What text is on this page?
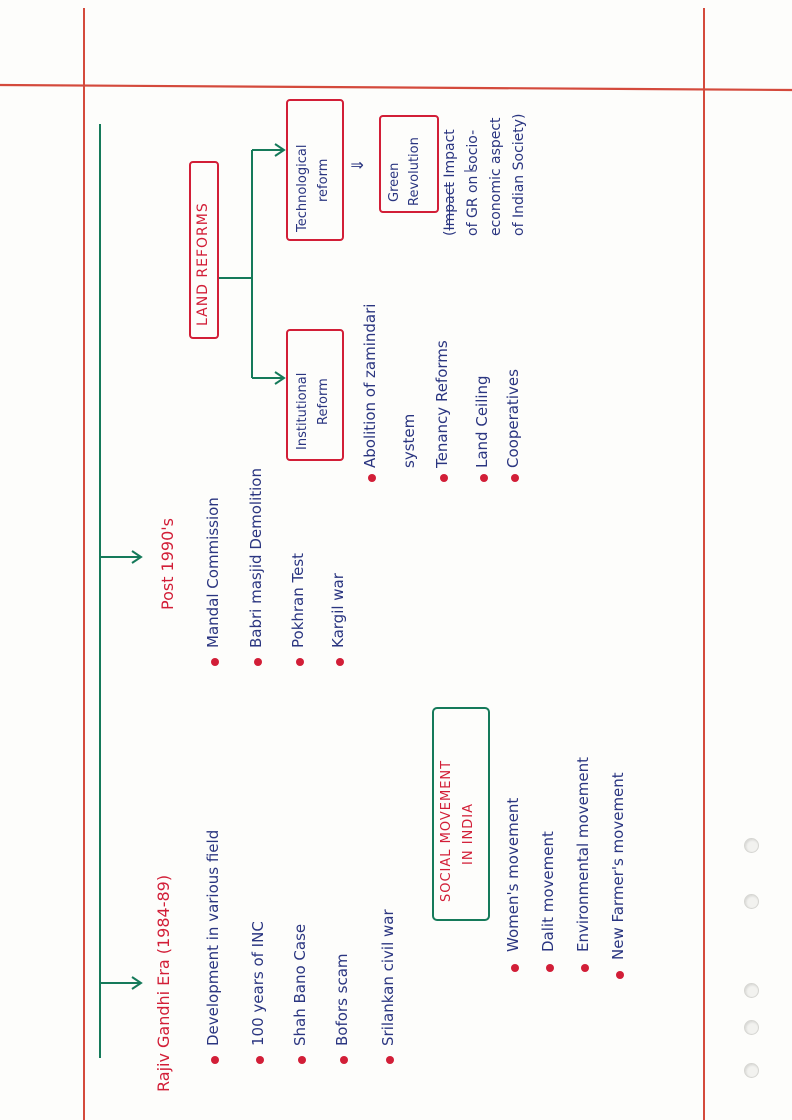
Rajiv Gandhi Era (1984-89) Development in various field 100 years of INC Shah Bano Case Bofors scam Srilankan civil war
Post 1990's Mandal Commission Babri masjid Demolition Pokhran Test Kargil war
SOCIAL MOVEMENT IN INDIA Women's movement Dalit movement Environmental movement New Farmer's movement
LAND REFORMS
Institutional Reform
Technological reform ⇓ Green Revolution
(Impact Impact of GR on socio- economic aspect of Indian Society)
Abolition of zamindari system Tenancy Reforms Land Ceiling Cooperatives
